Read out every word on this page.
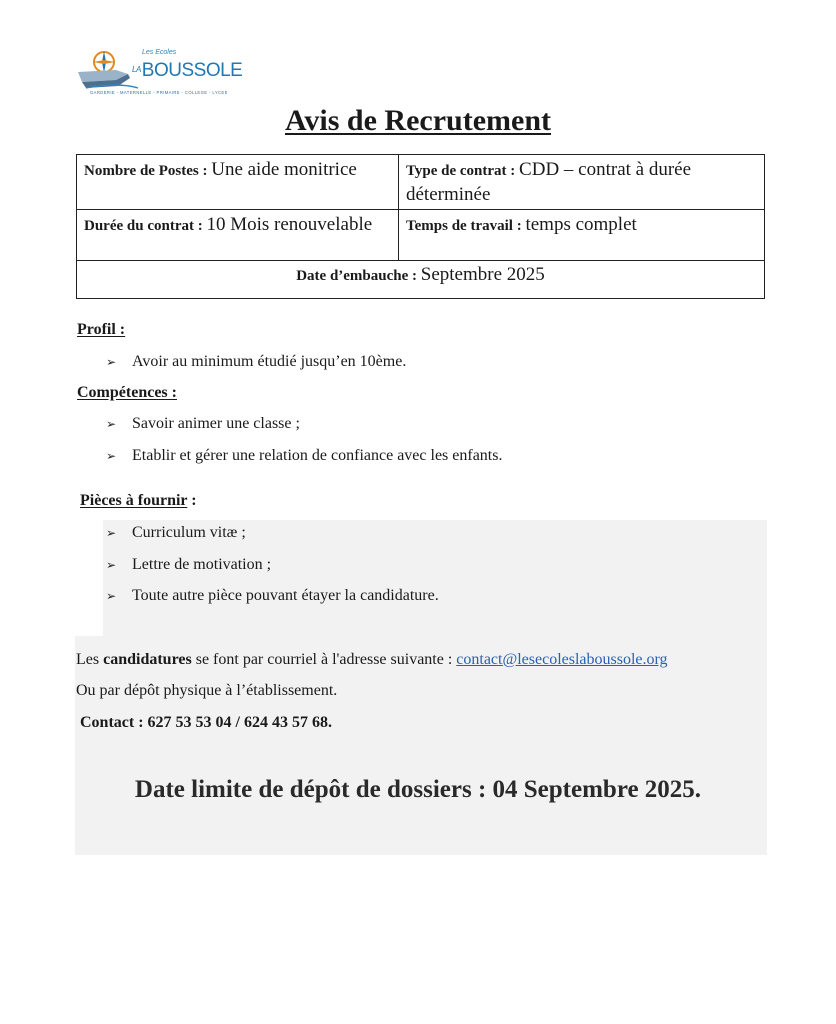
Les Ecoles
$^{LA}$BOUSSOLE
GARDERIE - MATERNELLE - PRIMAIRE - COLLEGE - LYCEE
Avis de Recrutement
Nombre de Postes : Une aide monitrice	Type de contrat : CDD – contrat à durée déterminée
Durée du contrat : 10 Mois renouvelable	Temps de travail : temps complet
Date d’embauche : Septembre 2025	
Profil :
➢ Avoir au minimum étudié jusqu’en 10ème.
Compétences :
➢ Savoir animer une classe ;
➢ Etablir et gérer une relation de confiance avec les enfants.
Pièces à fournir :
➢ Curriculum vitæ ;
➢ Lettre de motivation ;
➢ Toute autre pièce pouvant étayer la candidature.
Les candidatures se font par courriel à l'adresse suivante : contact@lesecoleslaboussole.org
Ou par dépôt physique à l’établissement.
Contact : 627 53 53 04 / 624 43 57 68.
Date limite de dépôt de dossiers : 04 Septembre 2025.
